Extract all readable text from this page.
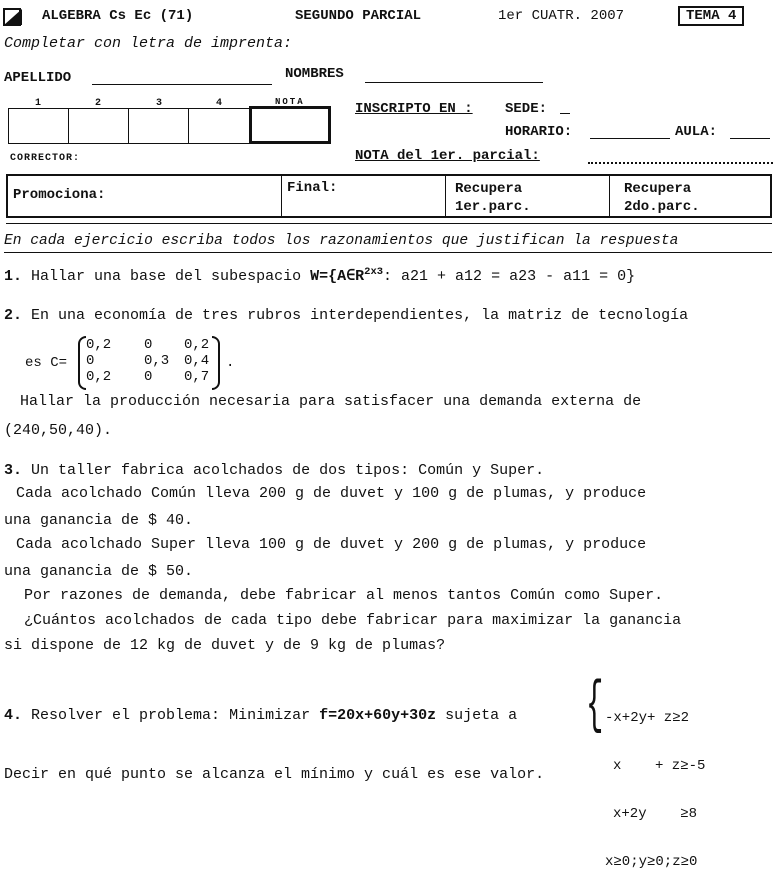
ALGEBRA Cs Ec (71)	SEGUNDO PARCIAL	1er CUATR. 2007	TEMA 4
Completar con letra de imprenta:
APELLIDO	NOMBRES
1	2	3	4	NOTA	INSCRIPTO EN : SEDE:
HORARIO:	AULA:
CORRECTOR:	NOTA del 1er. parcial:
Promociona:	Final:	Recupera 1er.parc.
Recupera 2do.parc.
En cada ejercicio escriba todos los razonamientos que justifican la respuesta
1. Hallar una base del subespacio $W=\{A\in R^{2x3}$: a21 + a12 = a23 - a11 = 0}
2. En una economía de tres rubros interdependientes, la matriz de tecnología
es C=
0,2 0 0,2
0	0,3 0,4
0,2 0 0,7
.
Hallar la producción necesaria para satisfacer una demanda externa de
(240,50,40).
3. Un taller fabrica acolchados de dos tipos: Común y Super.
Cada acolchado Común lleva 200 g de duvet y 100 g de plumas, y produce
una ganancia de $ 40.
Cada acolchado Super lleva 100 g de duvet y 200 g de plumas, y produce
una ganancia de $ 50.
Por razones de demanda, debe fabricar al menos tantos Común como Super.
¿Cuántos acolchados de cada tipo debe fabricar para maximizar la ganancia
si dispone de 12 kg de duvet y de 9 kg de plumas?
4. Resolver el problema: Minimizar f=20x+60y+30z sujeta a {

-x+2y+ z≥2

x    + z≥-5

x+2y    ≥8

x≥0;y≥0;z≥0

Decir en qué punto se alcanza el mínimo y cuál es ese valor.
